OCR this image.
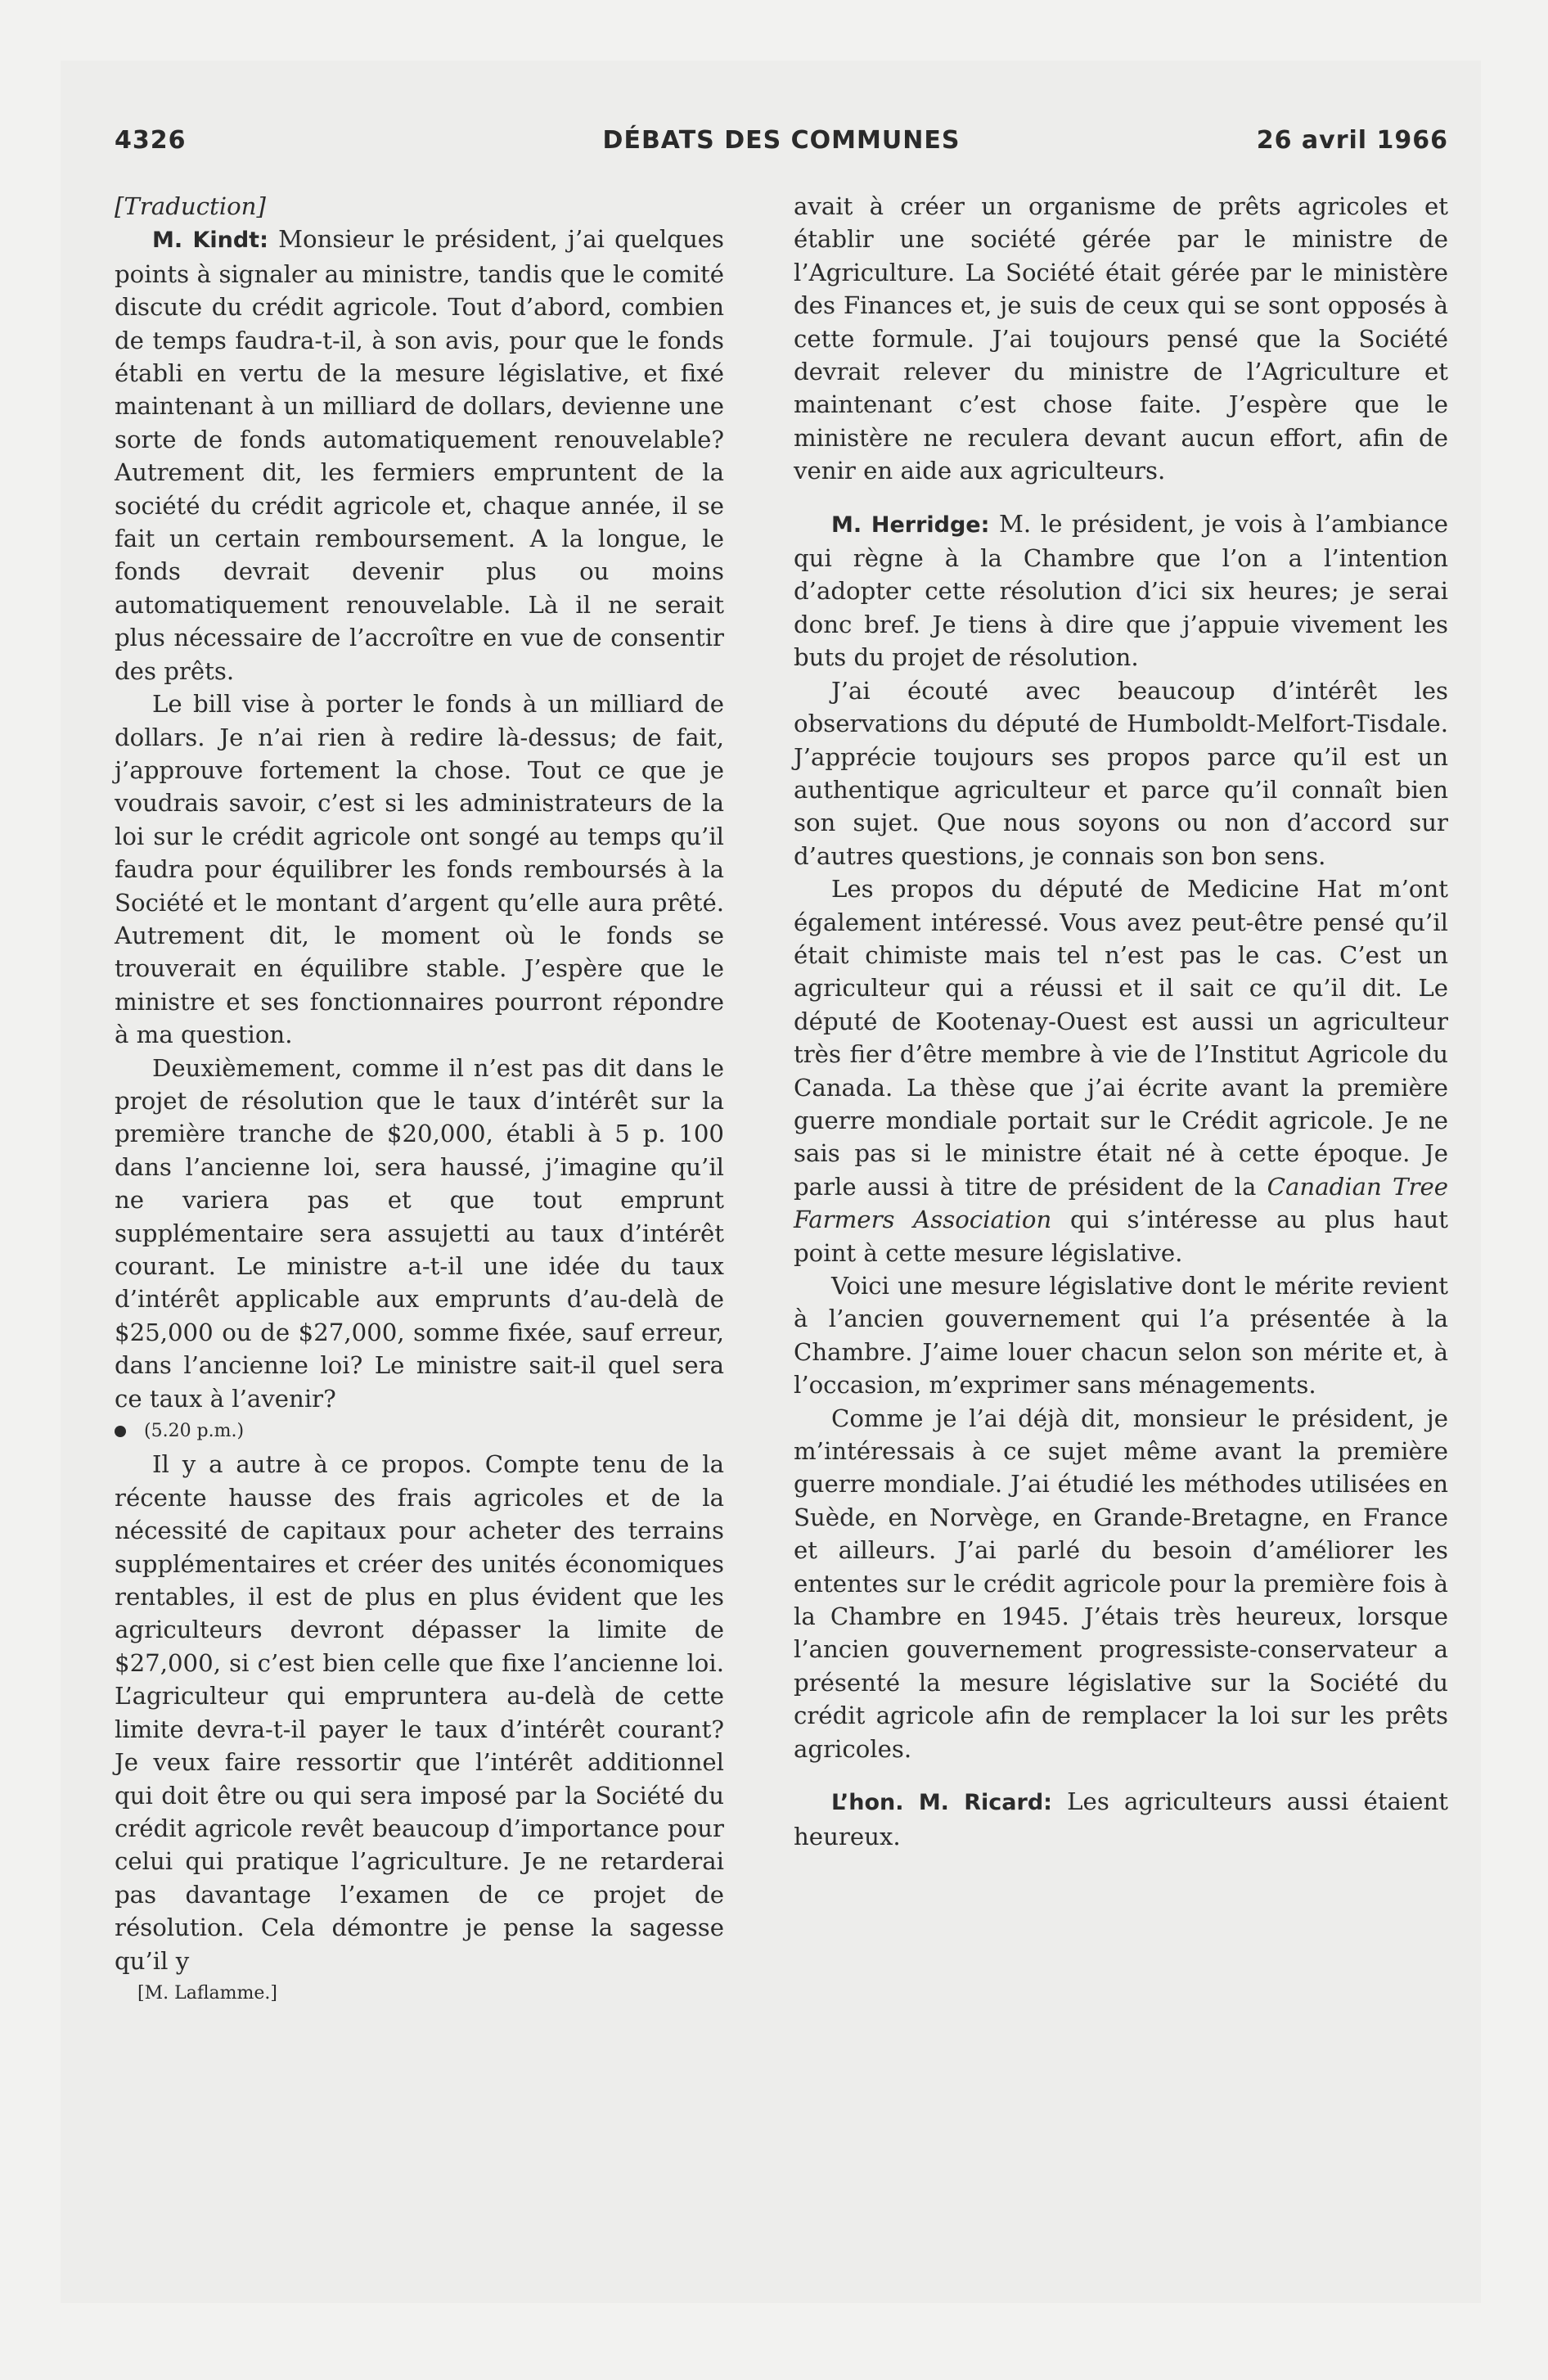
4326	DÉBATS DES COMMUNES	26 avril 1966

[Traduction]

M. Kindt: Monsieur le président, j’ai quelques points à signaler au ministre, tandis que le comité discute du crédit agricole. Tout d’abord, combien de temps faudra-t-il, à son avis, pour que le fonds établi en vertu de la mesure législative, et fixé maintenant à un milliard de dollars, devienne une sorte de fonds automatiquement renouvelable? Autrement dit, les fermiers empruntent de la société du crédit agricole et, chaque année, il se fait un certain remboursement. A la longue, le fonds devrait devenir plus ou moins automatiquement renouvelable. Là il ne serait plus nécessaire de l’accroître en vue de consentir des prêts.

Le bill vise à porter le fonds à un milliard de dollars. Je n’ai rien à redire là-dessus; de fait, j’approuve fortement la chose. Tout ce que je voudrais savoir, c’est si les administrateurs de la loi sur le crédit agricole ont songé au temps qu’il faudra pour équilibrer les fonds remboursés à la Société et le montant d’argent qu’elle aura prêté. Autrement dit, le moment où le fonds se trouverait en équilibre stable. J’espère que le ministre et ses fonctionnaires pourront répondre à ma question.

Deuxièmement, comme il n’est pas dit dans le projet de résolution que le taux d’intérêt sur la première tranche de $20,000, établi à 5 p. 100 dans l’ancienne loi, sera haussé, j’imagine qu’il ne variera pas et que tout emprunt supplémentaire sera assujetti au taux d’intérêt courant. Le ministre a-t-il une idée du taux d’intérêt applicable aux emprunts d’au-delà de $25,000 ou de $27,000, somme fixée, sauf erreur, dans l’ancienne loi? Le ministre sait-il quel sera ce taux à l’avenir?

(5.20 p.m.)

Il y a autre à ce propos. Compte tenu de la récente hausse des frais agricoles et de la nécessité de capitaux pour acheter des terrains supplémentaires et créer des unités économiques rentables, il est de plus en plus évident que les agriculteurs devront dépasser la limite de $27,000, si c’est bien celle que fixe l’ancienne loi. L’agriculteur qui empruntera au-delà de cette limite devra-t-il payer le taux d’intérêt courant? Je veux faire ressortir que l’intérêt additionnel qui doit être ou qui sera imposé par la Société du crédit agricole revêt beaucoup d’importance pour celui qui pratique l’agriculture. Je ne retarderai pas davantage l’examen de ce projet de résolution. Cela démontre je pense la sagesse qu’il y

[M. Laflamme.]

avait à créer un organisme de prêts agricoles et établir une société gérée par le ministre de l’Agriculture. La Société était gérée par le ministère des Finances et, je suis de ceux qui se sont opposés à cette formule. J’ai toujours pensé que la Société devrait relever du ministre de l’Agriculture et maintenant c’est chose faite. J’espère que le ministère ne reculera devant aucun effort, afin de venir en aide aux agriculteurs.

M. Herridge: M. le président, je vois à l’ambiance qui règne à la Chambre que l’on a l’intention d’adopter cette résolution d’ici six heures; je serai donc bref. Je tiens à dire que j’appuie vivement les buts du projet de résolution.

J’ai écouté avec beaucoup d’intérêt les observations du député de Humboldt-Melfort-Tisdale. J’apprécie toujours ses propos parce qu’il est un authentique agriculteur et parce qu’il connaît bien son sujet. Que nous soyons ou non d’accord sur d’autres questions, je connais son bon sens.

Les propos du député de Medicine Hat m’ont également intéressé. Vous avez peut-être pensé qu’il était chimiste mais tel n’est pas le cas. C’est un agriculteur qui a réussi et il sait ce qu’il dit. Le député de Kootenay-Ouest est aussi un agriculteur très fier d’être membre à vie de l’Institut Agricole du Canada. La thèse que j’ai écrite avant la première guerre mondiale portait sur le Crédit agricole. Je ne sais pas si le ministre était né à cette époque. Je parle aussi à titre de président de la Canadian Tree Farmers Association qui s’intéresse au plus haut point à cette mesure législative.

Voici une mesure législative dont le mérite revient à l’ancien gouvernement qui l’a présentée à la Chambre. J’aime louer chacun selon son mérite et, à l’occasion, m’exprimer sans ménagements.

Comme je l’ai déjà dit, monsieur le président, je m’intéressais à ce sujet même avant la première guerre mondiale. J’ai étudié les méthodes utilisées en Suède, en Norvège, en Grande-Bretagne, en France et ailleurs. J’ai parlé du besoin d’améliorer les ententes sur le crédit agricole pour la première fois à la Chambre en 1945. J’étais très heureux, lorsque l’ancien gouvernement progressiste-conservateur a présenté la mesure législative sur la Société du crédit agricole afin de remplacer la loi sur les prêts agricoles.

L’hon. M. Ricard: Les agriculteurs aussi étaient heureux.
